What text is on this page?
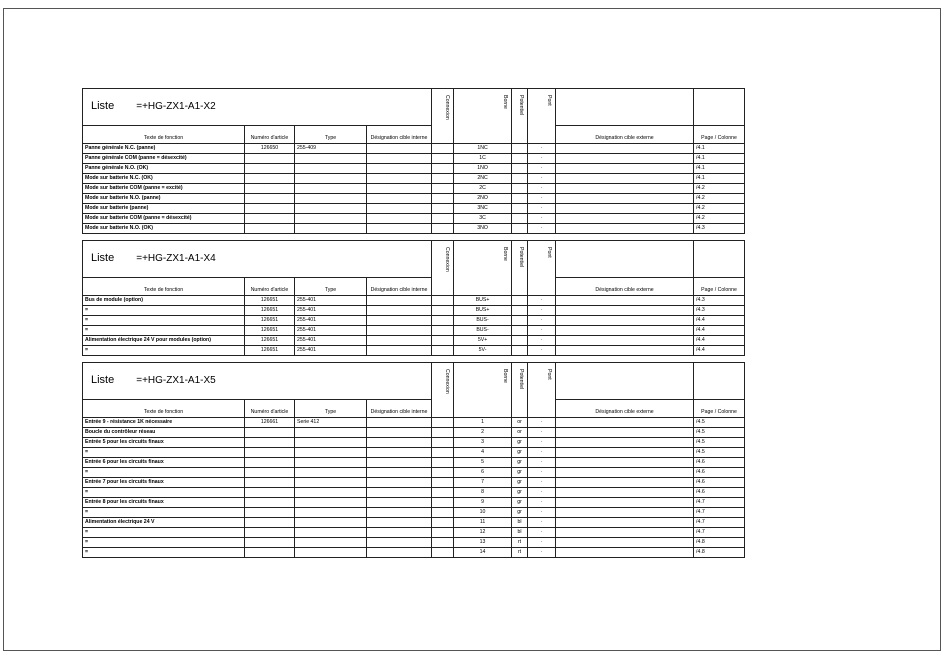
Liste =+HG-ZX1-A1-X2				Connexion	Borne	Potentiel	Pont		
Texte de fonction	Numéro d'article	Type	Désignation cible interne					Désignation cible externe	Page / Colonne
Panne générale N.C. (panne)	126650	255-409			1NC		·		/4.1
Panne générale COM (panne = désexcité)					1C		·		/4.1
Panne générale N.O. (OK)					1NO		·		/4.1
Mode sur batterie N.C. (OK)					2NC		·		/4.1
Mode sur batterie COM (panne = excité)					2C		·		/4.2
Mode sur batterie N.O. (panne)					2NO		·		/4.2
Mode sur batterie (panne)					3NC		·		/4.2
Mode sur batterie COM (panne = désexcité)					3C		·		/4.2
Mode sur batterie N.O. (OK)					3NO		·		/4.3
Liste =+HG-ZX1-A1-X4				Connexion	Borne	Potentiel	Pont		
Texte de fonction	Numéro d'article	Type	Désignation cible interne					Désignation cible externe	Page / Colonne
Bus de module (option)	126651	255-401			BUS+		·		/4.3
=	126651	255-401			BUS+		·		/4.3
=	126651	255-401			BUS-		·		/4.4
=	126651	255-401			BUS-		·		/4.4
Alimentation électrique 24 V pour modules (option)	126651	255-401			5V+		·		/4.4
=	126651	255-401			5V-		·		/4.4
Liste =+HG-ZX1-A1-X5				Connexion	Borne	Potentiel	Pont		
Texte de fonction	Numéro d'article	Type	Désignation cible interne					Désignation cible externe	Page / Colonne
Entrée 9 - résistance 1K nécessaire	126661	Serie 412			1	or	·		/4.5
Boucle du contrôleur réseau					2	or	·		/4.5
Entrée 5 pour les circuits finaux					3	gr	·		/4.5
=					4	gr	·		/4.5
Entrée 6 pour les circuits finaux					5	gr	·		/4.6
=					6	gr	·		/4.6
Entrée 7 pour les circuits finaux					7	gr	·		/4.6
=					8	gr	·		/4.6
Entrée 8 pour les circuits finaux					9	gr	·		/4.7
=					10	gr	·		/4.7
Alimentation électrique 24 V					11	bl	·		/4.7
=					12	bl	·		/4.7
=					13	rt	·		/4.8
=					14	rt	·		/4.8
